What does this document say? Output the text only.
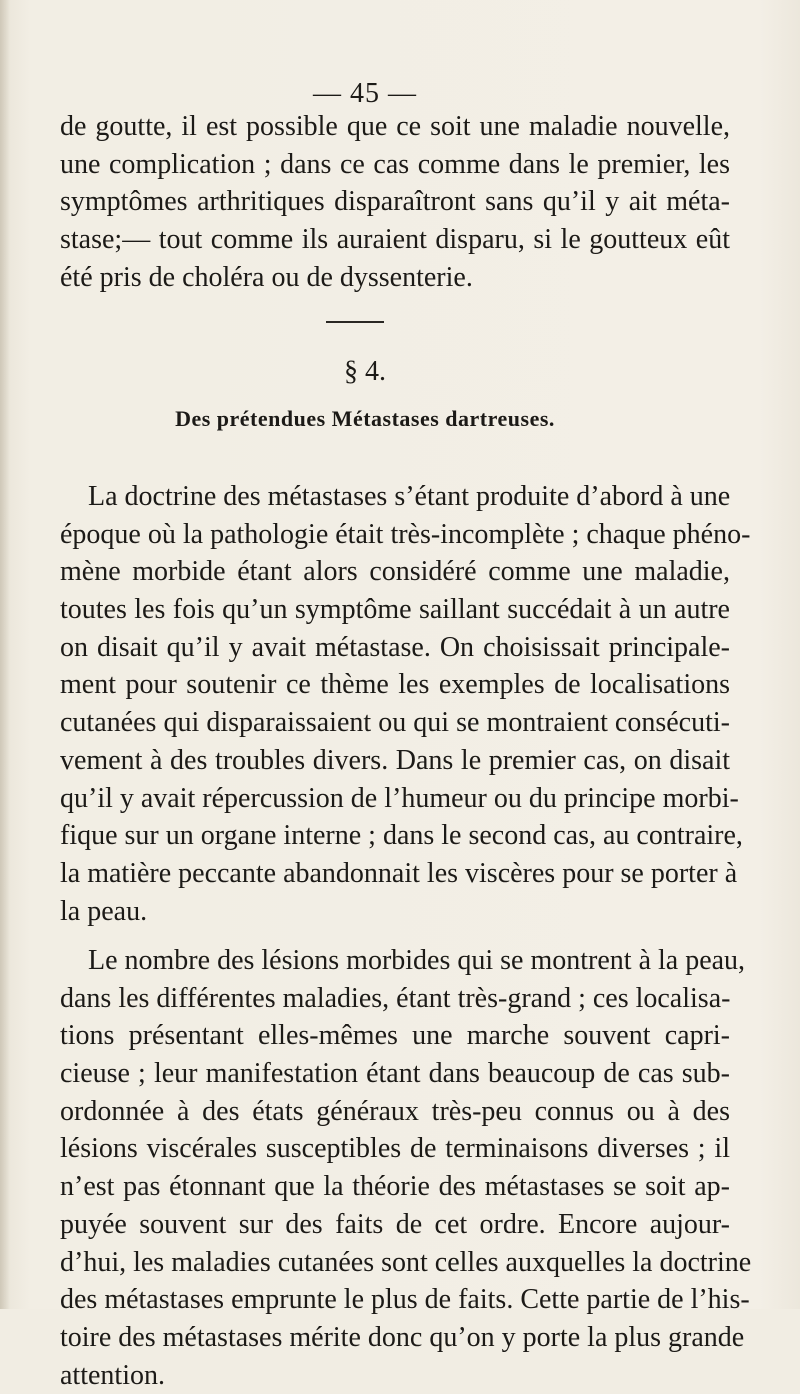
— 45 —
de goutte, il est possible que ce soit une maladie nouvelle,
une complication ; dans ce cas comme dans le premier, les
symptômes arthritiques disparaîtront sans qu’il y ait méta-
stase;— tout comme ils auraient disparu, si le goutteux eût
été pris de choléra ou de dyssenterie.
§ 4.
Des prétendues Métastases dartreuses.
La doctrine des métastases s’étant produite d’abord à une
époque où la pathologie était très-incomplète ; chaque phéno-
mène morbide étant alors considéré comme une maladie,
toutes les fois qu’un symptôme saillant succédait à un autre
on disait qu’il y avait métastase. On choisissait principale-
ment pour soutenir ce thème les exemples de localisations
cutanées qui disparaissaient ou qui se montraient consécuti-
vement à des troubles divers. Dans le premier cas, on disait
qu’il y avait répercussion de l’humeur ou du principe morbi-
fique sur un organe interne ; dans le second cas, au contraire,
la matière peccante abandonnait les viscères pour se porter à
la peau.
Le nombre des lésions morbides qui se montrent à la peau,
dans les différentes maladies, étant très-grand ; ces localisa-
tions présentant elles-mêmes une marche souvent capri-
cieuse ; leur manifestation étant dans beaucoup de cas sub-
ordonnée à des états généraux très-peu connus ou à des
lésions viscérales susceptibles de terminaisons diverses ; il
n’est pas étonnant que la théorie des métastases se soit ap-
puyée souvent sur des faits de cet ordre. Encore aujour-
d’hui, les maladies cutanées sont celles auxquelles la doctrine
des métastases emprunte le plus de faits. Cette partie de l’his-
toire des métastases mérite donc qu’on y porte la plus grande
attention.
